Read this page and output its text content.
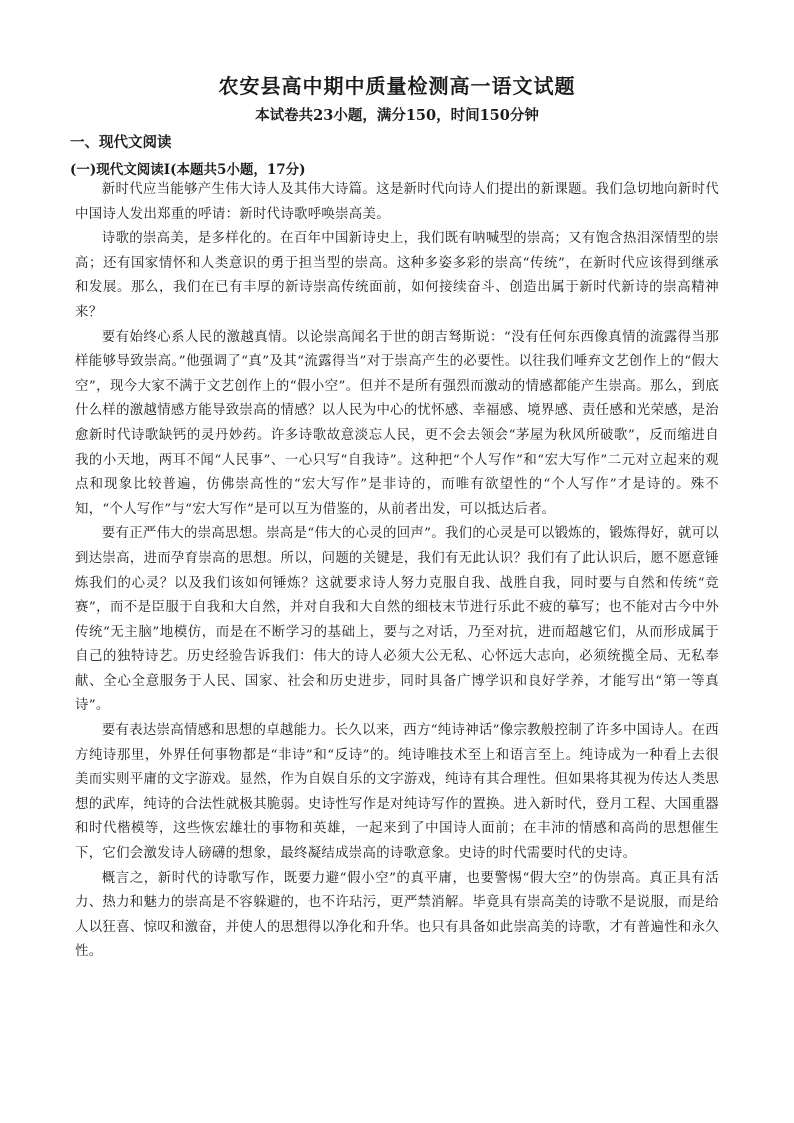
农安县高中期中质量检测高一语文试题
本试卷共23小题，满分150，时间150分钟
一、现代文阅读
(一)现代文阅读Ⅰ(本题共5小题，17分)

新时代应当能够产生伟大诗人及其伟大诗篇。这是新时代向诗人们提出的新课题。我们急切地向新时代中国诗人发出郑重的呼请：新时代诗歌呼唤崇高美。

诗歌的崇高美，是多样化的。在百年中国新诗史上，我们既有呐喊型的崇高；又有饱含热泪深情型的崇高；还有国家情怀和人类意识的勇于担当型的崇高。这种多姿多彩的崇高“传统”，在新时代应该得到继承和发展。那么，我们在已有丰厚的新诗崇高传统面前，如何接续奋斗、创造出属于新时代新诗的崇高精神来？

要有始终心系人民的激越真情。以论崇高闻名于世的朗吉驽斯说：“没有任何东西像真情的流露得当那样能够导致崇高。”他强调了“真”及其“流露得当”对于崇高产生的必要性。以往我们唾弃文艺创作上的“假大空”，现今大家不满于文艺创作上的“假小空”。但并不是所有强烈而激动的情感都能产生崇高。那么，到底什么样的激越情感方能导致崇高的情感？以人民为中心的忧怀感、幸福感、境界感、责任感和光荣感，是治愈新时代诗歌缺钙的灵丹妙药。许多诗歌故意淡忘人民，更不会去领会“茅屋为秋风所破歌”，反而缩进自我的小天地，两耳不闻“人民事”、一心只写“自我诗”。这种把“个人写作”和“宏大写作”二元对立起来的观点和现象比较普遍，仿佛崇高性的“宏大写作”是非诗的，而唯有欲望性的“个人写作”才是诗的。殊不知，“个人写作”与“宏大写作”是可以互为借鉴的，从前者出发，可以抵达后者。

要有正严伟大的崇高思想。崇高是“伟大的心灵的回声”。我们的心灵是可以锻炼的，锻炼得好，就可以到达崇高，进而孕育崇高的思想。所以，问题的关键是，我们有无此认识？我们有了此认识后，愿不愿意锤炼我们的心灵？以及我们该如何锤炼？这就要求诗人努力克服自我、战胜自我，同时要与自然和传统“竞赛”，而不是臣服于自我和大自然，并对自我和大自然的细枝末节进行乐此不疲的摹写；也不能对古今中外传统“无主脑”地模仿，而是在不断学习的基础上，要与之对话，乃至对抗，进而超越它们，从而形成属于自己的独特诗艺。历史经验告诉我们：伟大的诗人必须大公无私、心怀远大志向，必须统揽全局、无私奉献、全心全意服务于人民、国家、社会和历史进步，同时具备广博学识和良好学养，才能写出“第一等真诗”。

要有表达崇高情感和思想的卓越能力。长久以来，西方“纯诗神话”像宗教般控制了许多中国诗人。在西方纯诗那里，外界任何事物都是“非诗”和“反诗”的。纯诗唯技术至上和语言至上。纯诗成为一种看上去很美而实则平庸的文字游戏。显然，作为自娱自乐的文字游戏，纯诗有其合理性。但如果将其视为传达人类思想的武库，纯诗的合法性就极其脆弱。史诗性写作是对纯诗写作的置换。进入新时代，登月工程、大国重器和时代楷模等，这些恢宏雄壮的事物和英雄，一起来到了中国诗人面前；在丰沛的情感和高尚的思想催生下，它们会激发诗人磅礴的想象，最终凝结成崇高的诗歌意象。史诗的时代需要时代的史诗。

概言之，新时代的诗歌写作，既要力避“假小空”的真平庸，也要警惕“假大空”的伪崇高。真正具有活力、热力和魅力的崇高是不容躲避的，也不许玷污，更严禁消解。毕竟具有崇高美的诗歌不是说服，而是给人以狂喜、惊叹和激奋，并使人的思想得以净化和升华。也只有具备如此崇高美的诗歌，才有普遍性和永久性。
